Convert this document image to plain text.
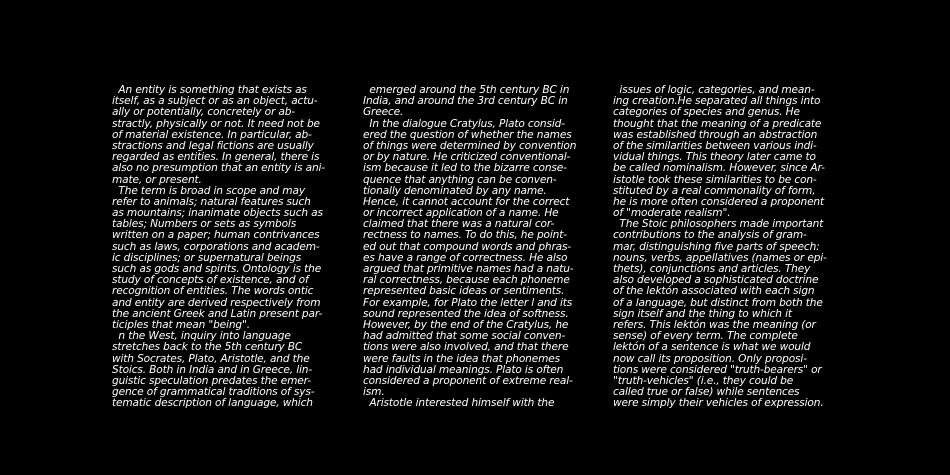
An entity is something that exists as
itself, as a subject or as an object, actu-
ally or potentially, concretely or ab-
stractly, physically or not. It need not be
of material existence. In particular, ab-
stractions and legal fictions are usually
regarded as entities. In general, there is
also no presumption that an entity is ani-
mate, or present.
The term is broad in scope and may
refer to animals; natural features such
as mountains; inanimate objects such as
tables; Numbers or sets as symbols
written on a paper; human contrivances
such as laws, corporations and academ-
ic disciplines; or supernatural beings
such as gods and spirits. Ontology is the
study of concepts of existence, and of
recognition of entities. The words ontic
and entity are derived respectively from
the ancient Greek and Latin present par-
ticiples that mean "being".
n the West, inquiry into language
stretches back to the 5th century BC
with Socrates, Plato, Aristotle, and the
Stoics. Both in India and in Greece, lin-
guistic speculation predates the emer-
gence of grammatical traditions of sys-
tematic description of language, which
emerged around the 5th century BC in
India, and around the 3rd century BC in
Greece.
In the dialogue Cratylus, Plato consid-
ered the question of whether the names
of things were determined by convention
or by nature. He criticized conventional-
ism because it led to the bizarre conse-
quence that anything can be conven-
tionally denominated by any name.
Hence, it cannot account for the correct
or incorrect application of a name. He
claimed that there was a natural cor-
rectness to names. To do this, he point-
ed out that compound words and phras-
es have a range of correctness. He also
argued that primitive names had a natu-
ral correctness, because each phoneme
represented basic ideas or sentiments.
For example, for Plato the letter l and its
sound represented the idea of softness.
However, by the end of the Cratylus, he
had admitted that some social conven-
tions were also involved, and that there
were faults in the idea that phonemes
had individual meanings. Plato is often
considered a proponent of extreme real-
ism.
Aristotle interested himself with the
issues of logic, categories, and mean-
ing creation.He separated all things into
categories of species and genus. He
thought that the meaning of a predicate
was established through an abstraction
of the similarities between various indi-
vidual things. This theory later came to
be called nominalism. However, since Ar-
istotle took these similarities to be con-
stituted by a real commonality of form,
he is more often considered a proponent
of "moderate realism".
The Stoic philosophers made important
contributions to the analysis of gram-
mar, distinguishing five parts of speech:
nouns, verbs, appellatives (names or epi-
thets), conjunctions and articles. They
also developed a sophisticated doctrine
of the lektón associated with each sign
of a language, but distinct from both the
sign itself and the thing to which it
refers. This lektón was the meaning (or
sense) of every term. The complete
lektón of a sentence is what we would
now call its proposition. Only proposi-
tions were considered "truth-bearers" or
"truth-vehicles" (i.e., they could be
called true or false) while sentences
were simply their vehicles of expression.
